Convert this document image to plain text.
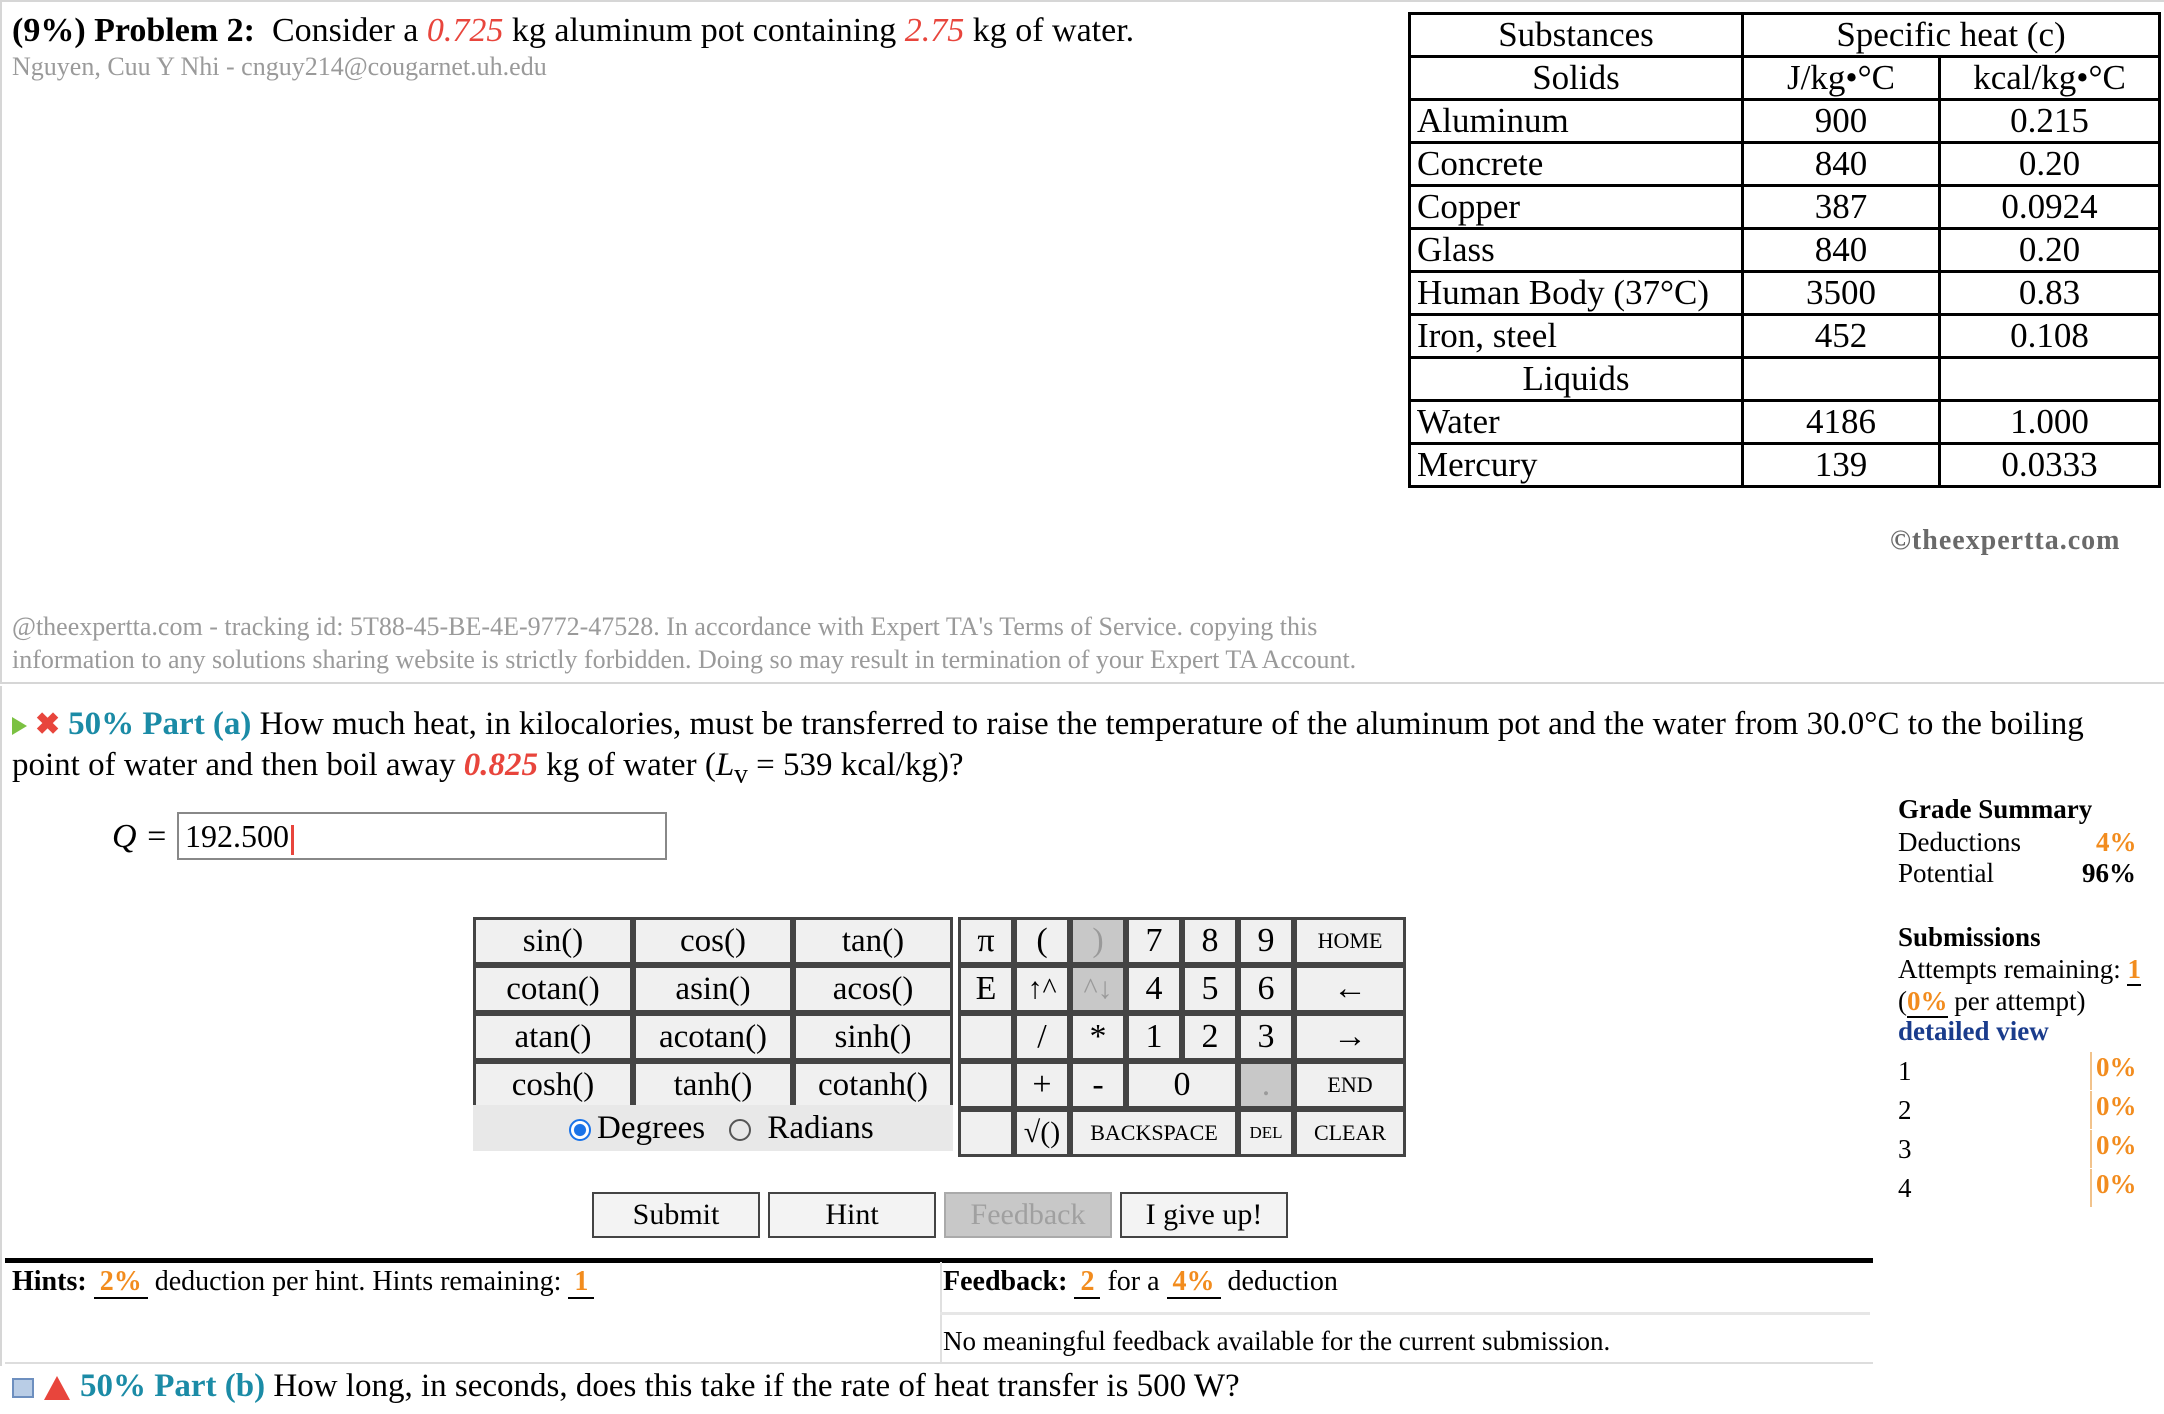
(9%) Problem 2: Consider a 0.725 kg aluminum pot containing 2.75 kg of water.
Nguyen, Cuu Y Nhi - cnguy214@cougarnet.uh.edu
Substances	Specific heat (c)	
Solids	J/kg•°C	kcal/kg•°C
Aluminum	900	0.215
Concrete	840	0.20
Copper	387	0.0924
Glass	840	0.20
Human Body (37°C)	3500	0.83
Iron, steel	452	0.108
Liquids		
Water	4186	1.000
Mercury	139	0.0333
©theexpertta.com
@theexpertta.com - tracking id: 5T88-45-BE-4E-9772-47528. In accordance with Expert TA's Terms of Service. copying this information to any solutions sharing website is strictly forbidden. Doing so may result in termination of your Expert TA Account.
✖ 50% Part (a) How much heat, in kilocalories, must be transferred to raise the temperature of the aluminum pot and the water from 30.0°C to the boiling point of water and then boil away 0.825 kg of water ($L_v = 539$ kcal/kg)?
Q = 192.500
sin()	cos()	tan()
cotan()	asin()	acos()
atan()	acotan()	sinh()
cosh()	tanh()	cotanh()
Degrees Radians
π	(	)	7	8	9	HOME
E	↑^ ^↓ 4	5	6	←
/	*	1	2	3	→
+	-	0	.	END
√()	BACKSPACE	DEL	CLEAR
Submit	Hint	Feedback	I give up!
Grade Summary
Deductions	4%
Potential	96%
Submissions
Attempts remaining: 1
(0% per attempt)
detailed view
1	0%
2	0%
3	0%
4	0%
Hints: 2% deduction per hint. Hints remaining: 1	Feedback: 2 for a 4% deduction
No meaningful feedback available for the current submission.
50% Part (b) How long, in seconds, does this take if the rate of heat transfer is 500 W?
